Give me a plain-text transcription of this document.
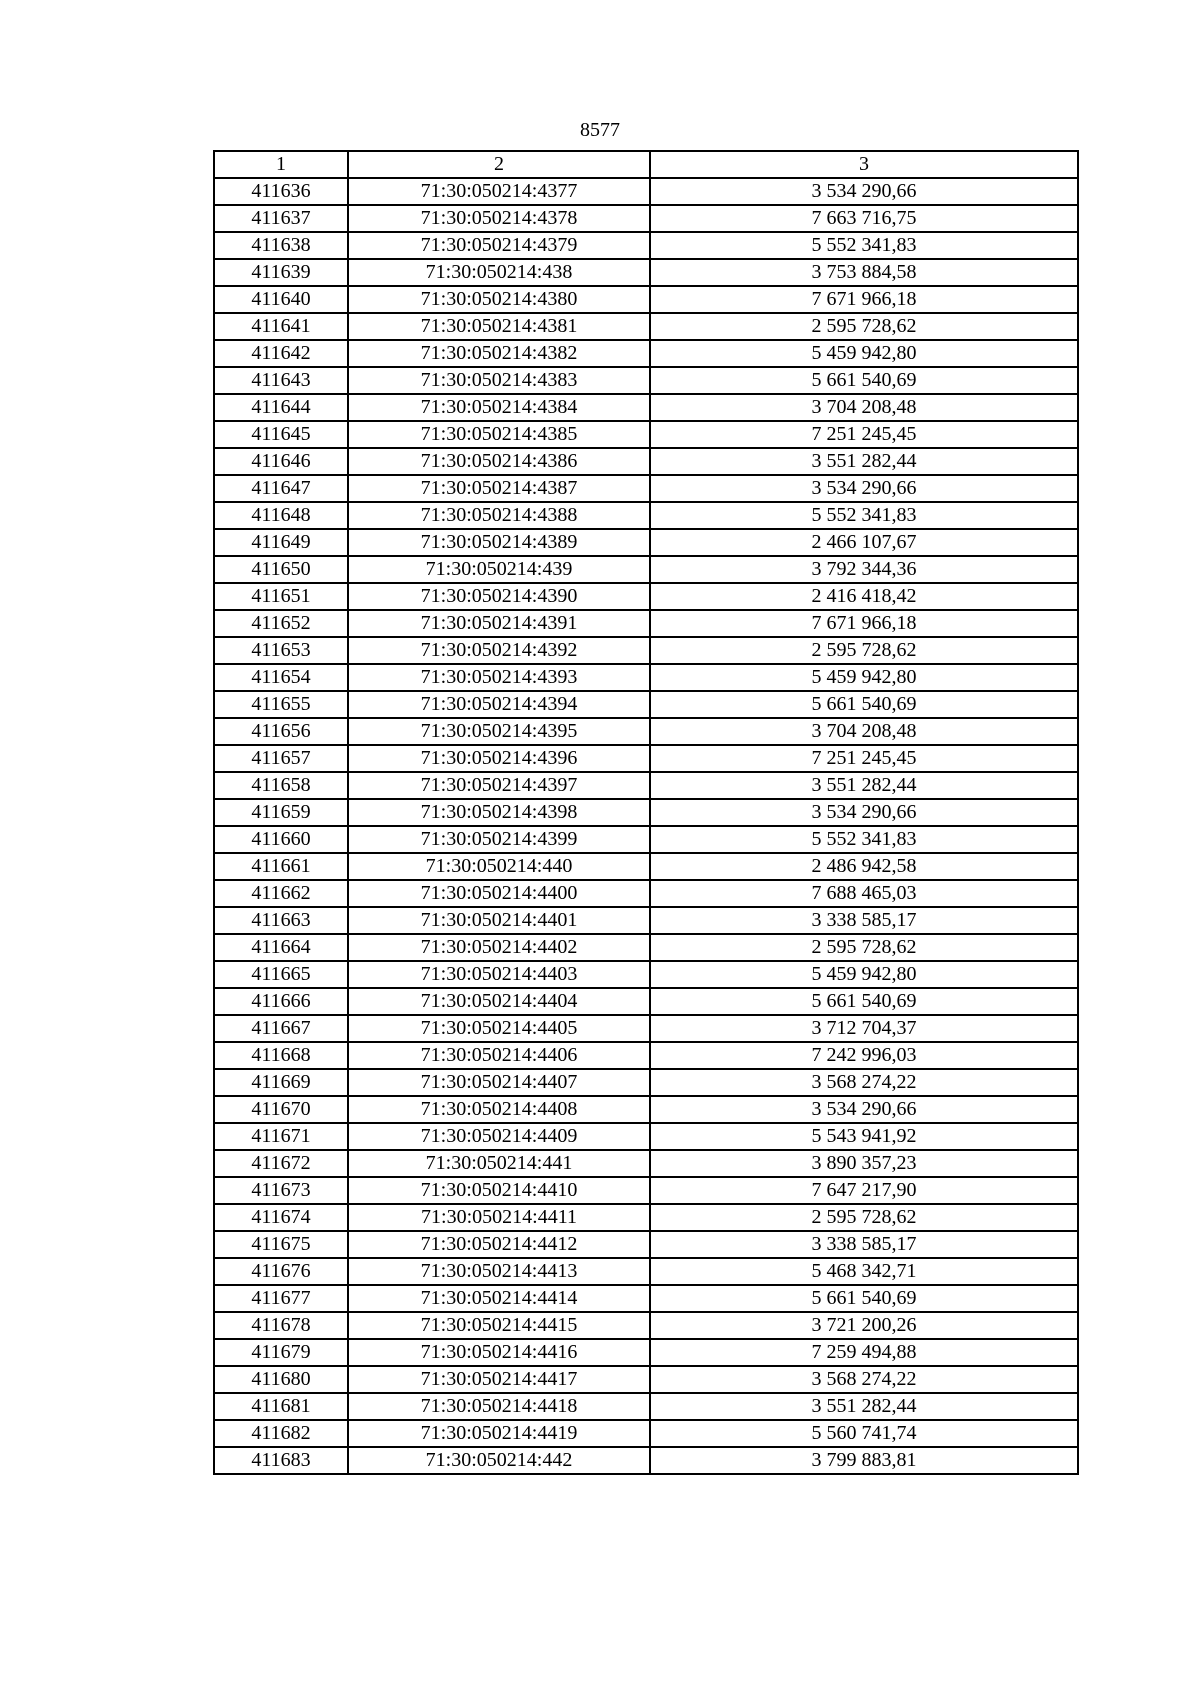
8577
1	2	3
411636	71:30:050214:4377	3 534 290,66
411637	71:30:050214:4378	7 663 716,75
411638	71:30:050214:4379	5 552 341,83
411639	71:30:050214:438	3 753 884,58
411640	71:30:050214:4380	7 671 966,18
411641	71:30:050214:4381	2 595 728,62
411642	71:30:050214:4382	5 459 942,80
411643	71:30:050214:4383	5 661 540,69
411644	71:30:050214:4384	3 704 208,48
411645	71:30:050214:4385	7 251 245,45
411646	71:30:050214:4386	3 551 282,44
411647	71:30:050214:4387	3 534 290,66
411648	71:30:050214:4388	5 552 341,83
411649	71:30:050214:4389	2 466 107,67
411650	71:30:050214:439	3 792 344,36
411651	71:30:050214:4390	2 416 418,42
411652	71:30:050214:4391	7 671 966,18
411653	71:30:050214:4392	2 595 728,62
411654	71:30:050214:4393	5 459 942,80
411655	71:30:050214:4394	5 661 540,69
411656	71:30:050214:4395	3 704 208,48
411657	71:30:050214:4396	7 251 245,45
411658	71:30:050214:4397	3 551 282,44
411659	71:30:050214:4398	3 534 290,66
411660	71:30:050214:4399	5 552 341,83
411661	71:30:050214:440	2 486 942,58
411662	71:30:050214:4400	7 688 465,03
411663	71:30:050214:4401	3 338 585,17
411664	71:30:050214:4402	2 595 728,62
411665	71:30:050214:4403	5 459 942,80
411666	71:30:050214:4404	5 661 540,69
411667	71:30:050214:4405	3 712 704,37
411668	71:30:050214:4406	7 242 996,03
411669	71:30:050214:4407	3 568 274,22
411670	71:30:050214:4408	3 534 290,66
411671	71:30:050214:4409	5 543 941,92
411672	71:30:050214:441	3 890 357,23
411673	71:30:050214:4410	7 647 217,90
411674	71:30:050214:4411	2 595 728,62
411675	71:30:050214:4412	3 338 585,17
411676	71:30:050214:4413	5 468 342,71
411677	71:30:050214:4414	5 661 540,69
411678	71:30:050214:4415	3 721 200,26
411679	71:30:050214:4416	7 259 494,88
411680	71:30:050214:4417	3 568 274,22
411681	71:30:050214:4418	3 551 282,44
411682	71:30:050214:4419	5 560 741,74
411683	71:30:050214:442	3 799 883,81
